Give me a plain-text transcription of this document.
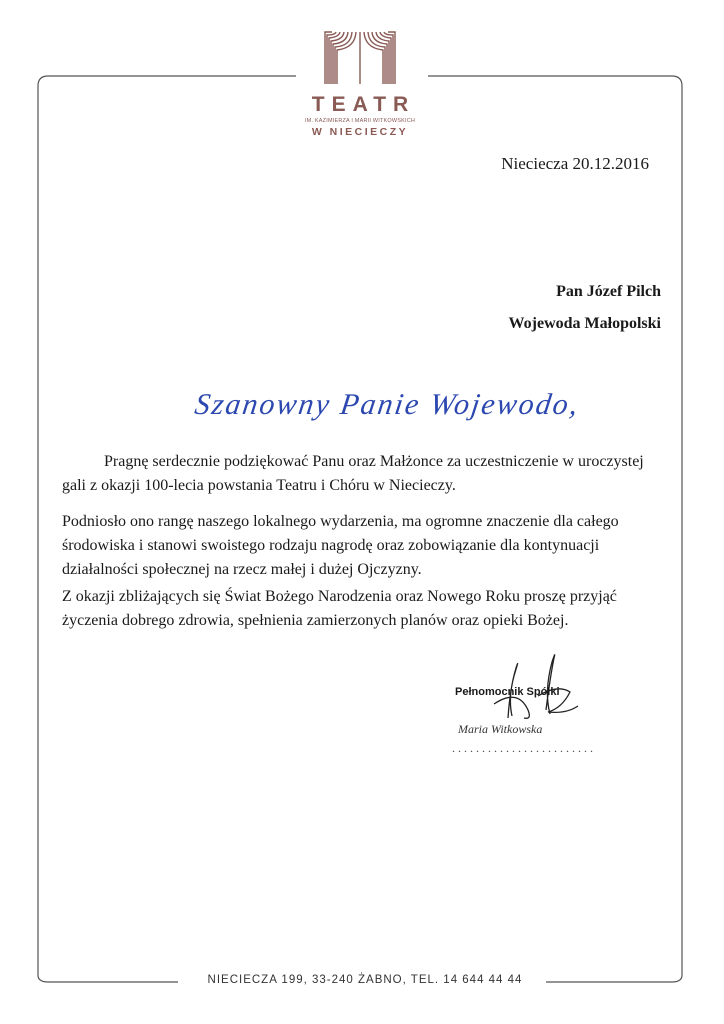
TEATR
IM. KAZIMIERZA I MARII WITKOWSKICH
W NIECIECZY
Niecieczа 20.12.2016
Pan Józef Pilch
Wojewoda Małopolski
Szanowny Panie Wojewodo,
Pragnę serdecznie podziękować Panu oraz Małżonce za uczestniczenie w uroczystej gali z okazji 100-lecia powstania Teatru i Chóru w Nieciеczy.
Podniosło ono rangę naszego lokalnego wydarzenia, ma ogromne znaczenie dla całego środowiska i stanowi swoistego rodzaju nagrodę oraz zobowiązanie dla kontynuacji działalności społecznej na rzecz małej i dużej Ojczyzny.
Z okazji zbliżających się Świat Bożego Narodzenia oraz Nowego Roku proszę przyjąć życzenia dobrego zdrowia, spełnienia zamierzonych planów oraz opieki Bożej.
Pełnomocnik Spółki
Maria Witkowska
........................
NIECIECZA 199, 33-240 ŻABNO, TEL. 14 644 44 44
